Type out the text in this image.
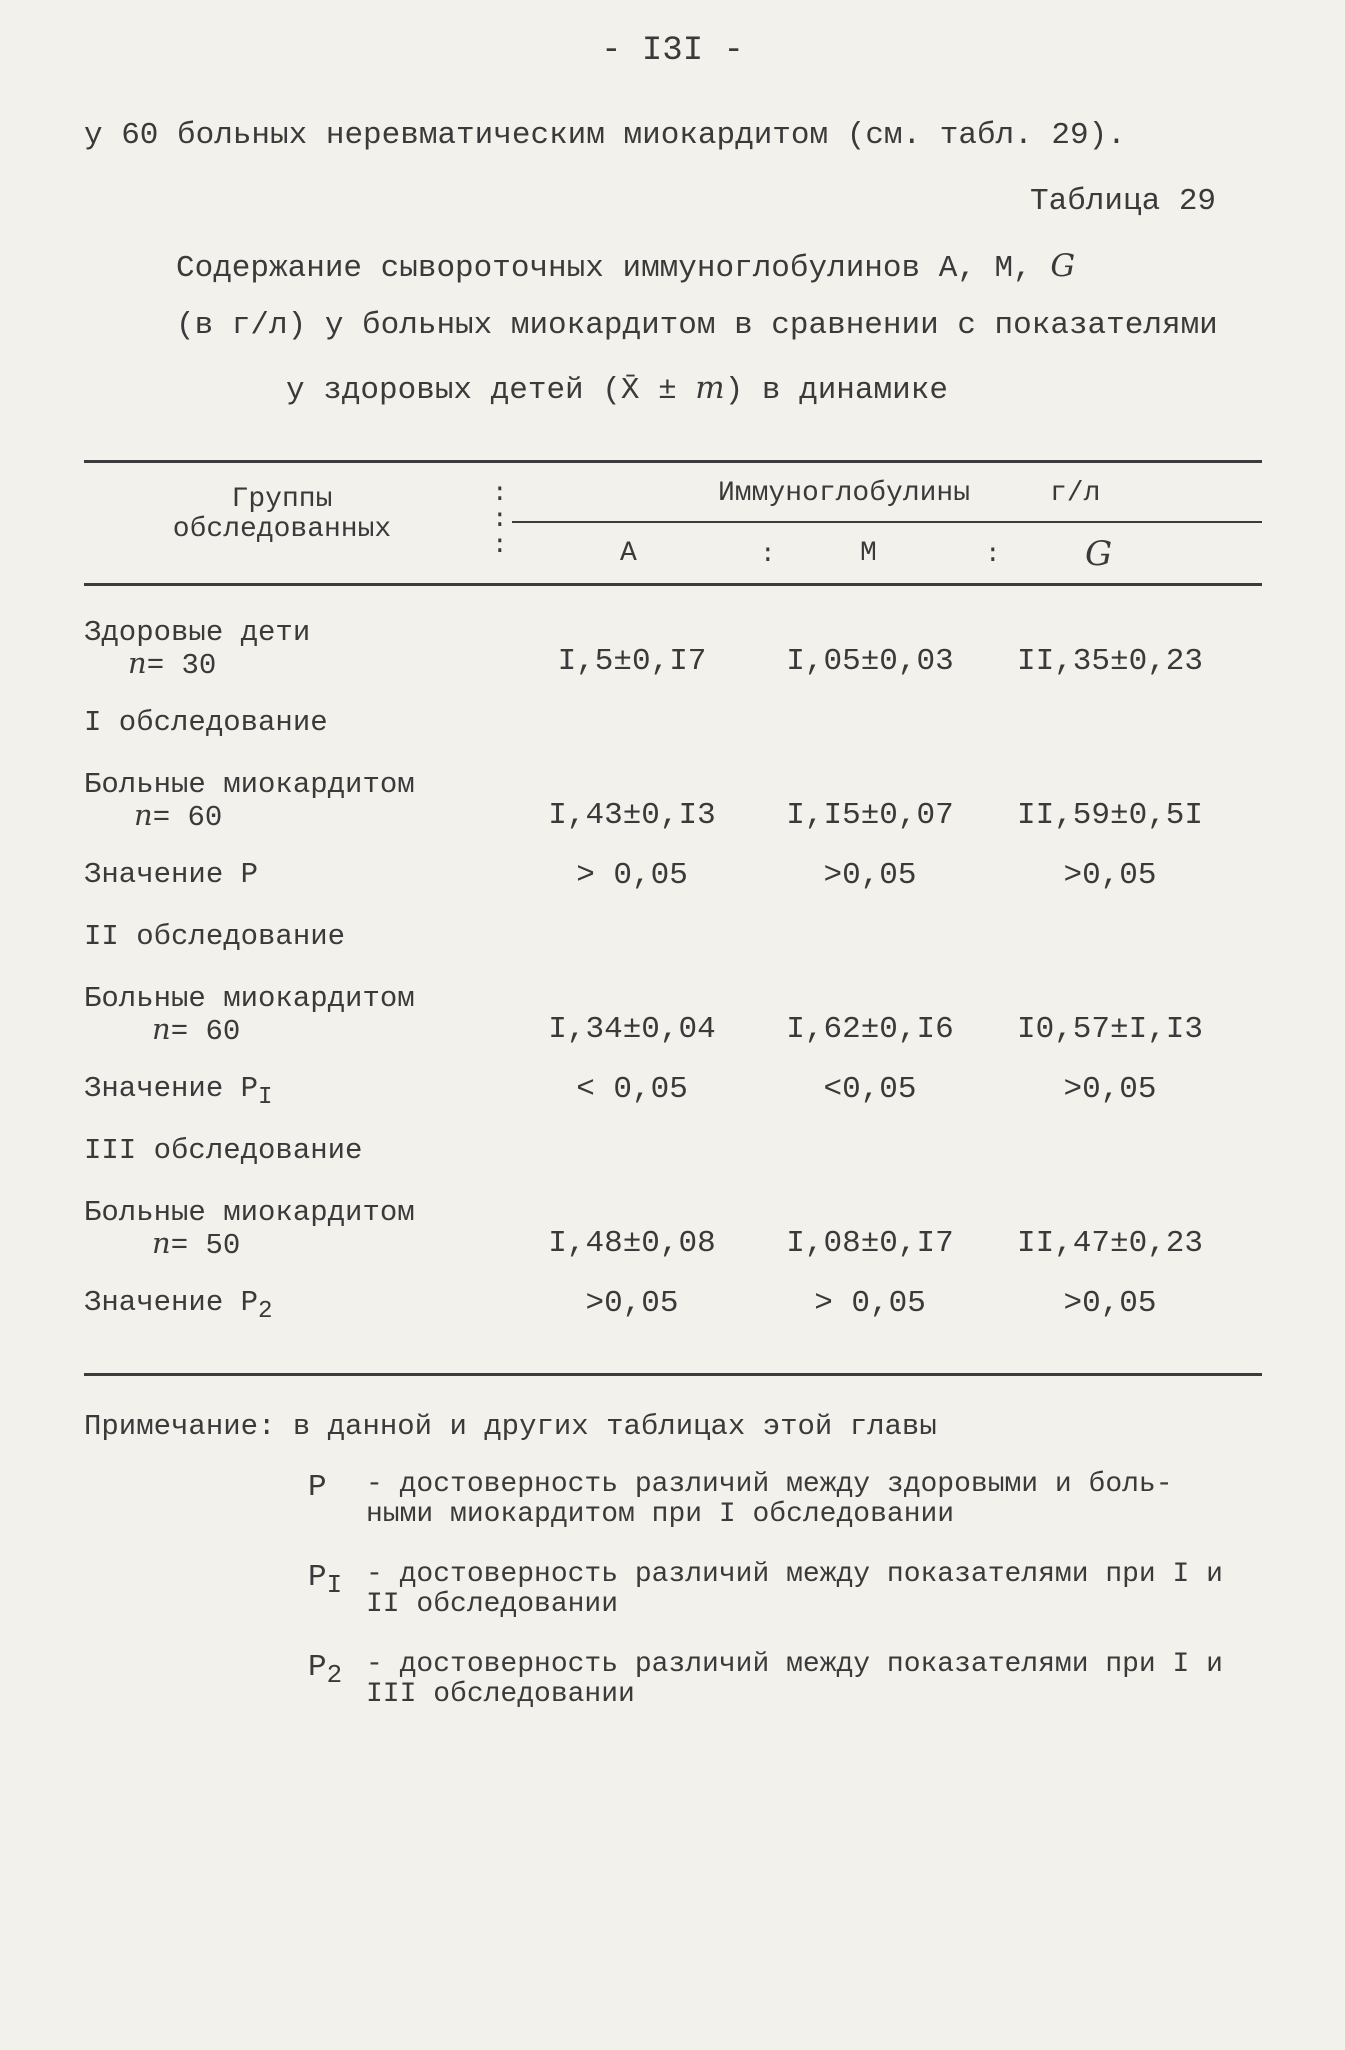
- I3I -
у 60 больных неревматическим миокардитом (см. табл. 29).
Таблица 29
Содержание сывороточных иммуноглобулинов А, М, G
(в г/л) у больных миокардитом в сравнении с показателями
у здоровых детей (X̄ ± m) в динамике
Группы
обследованных
:
:
:
Иммуноглобулины	г/л
А	:	М	: G
Здоровые дети
n= 30	I,5±0,I7	I,05±0,03	II,35±0,23
I обследование
Больные миокардитом
n= 60	I,43±0,I3	I,I5±0,07	II,59±0,5I
Значение P	> 0,05	>0,05	>0,05
II обследование
Больные миокардитом
n= 60	I,34±0,04	I,62±0,I6	I0,57±I,I3
Значение $P_I$	< 0,05	<0,05	>0,05
III обследование
Больные миокардитом
n= 50	I,48±0,08	I,08±0,I7	II,47±0,23
Значение $P_2$	>0,05	> 0,05	>0,05
Примечание: в данной и других таблицах этой главы
P - достоверность различий между здоровыми и боль-ными миокардитом при I обследовании
$P_I$ - достоверность различий между показателями при I и II обследовании
$P_2$ - достоверность различий между показателями при I и III обследовании
